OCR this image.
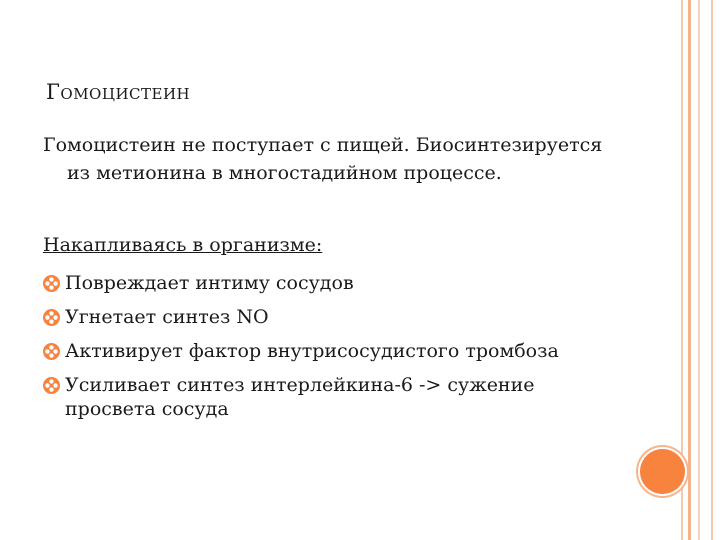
Гомоцистеин
Гомоцистеин не поступает с пищей. Биосинтезируется
из метионина в многостадийном процессе.
Накапливаясь в организме:
Повреждает интиму сосудов
Угнетает синтез NO
Активирует фактор внутрисосудистого тромбоза
Усиливает синтез интерлейкина-6 -> сужение
просвета сосуда
